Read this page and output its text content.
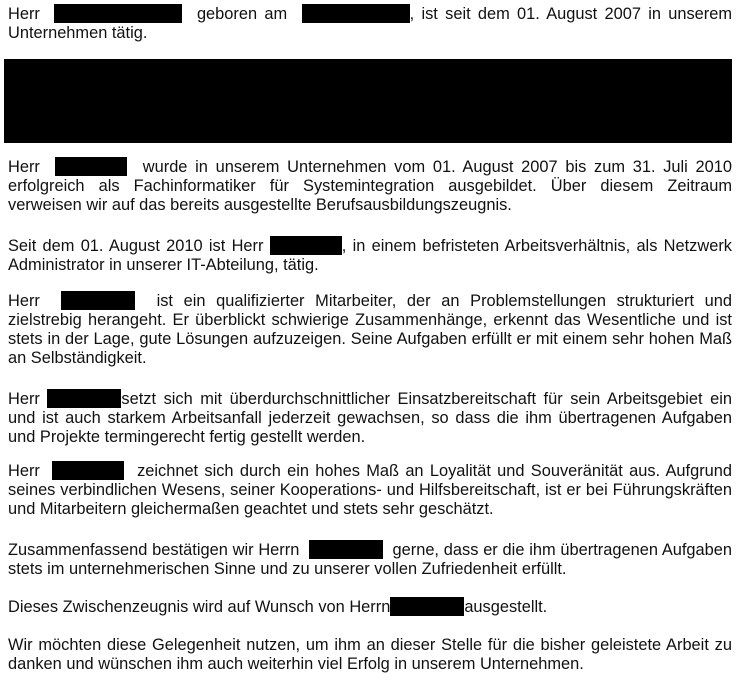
Herr	geboren am	, ist seit dem 01. August 2007 in unserem Unternehmen tätig.

Herr	wurde in unserem Unternehmen vom 01. August 2007 bis zum 31. Juli 2010 erfolgreich als Fachinformatiker für Systemintegration ausgebildet. Über diesem Zeitraum verweisen wir auf das bereits ausgestellte Berufsausbildungszeugnis.

Seit dem 01. August 2010 ist Herr	, in einem befristeten Arbeitsverhältnis, als Netzwerk Administrator in unserer IT-Abteilung, tätig.

Herr	ist ein qualifizierter Mitarbeiter, der an Problemstellungen strukturiert und zielstrebig herangeht. Er überblickt schwierige Zusammenhänge, erkennt das Wesentliche und ist stets in der Lage, gute Lösungen aufzuzeigen. Seine Aufgaben erfüllt er mit einem sehr hohen Maß an Selbständigkeit.

Herr	setzt sich mit überdurchschnittlicher Einsatzbereitschaft für sein Arbeitsgebiet ein und ist auch starkem Arbeitsanfall jederzeit gewachsen, so dass die ihm übertragenen Aufgaben und Projekte termingerecht fertig gestellt werden.

Herr	zeichnet sich durch ein hohes Maß an Loyalität und Souveränität aus. Aufgrund seines verbindlichen Wesens, seiner Kooperations- und Hilfsbereitschaft, ist er bei Führungskräften und Mitarbeitern gleichermaßen geachtet und stets sehr geschätzt.

Zusammenfassend bestätigen wir Herrn	gerne, dass er die ihm übertragenen Aufgaben stets im unternehmerischen Sinne und zu unserer vollen Zufriedenheit erfüllt.

Dieses Zwischenzeugnis wird auf Wunsch von Herrn	ausgestellt.

Wir möchten diese Gelegenheit nutzen, um ihm an dieser Stelle für die bisher geleistete Arbeit zu danken und wünschen ihm auch weiterhin viel Erfolg in unserem Unternehmen.
